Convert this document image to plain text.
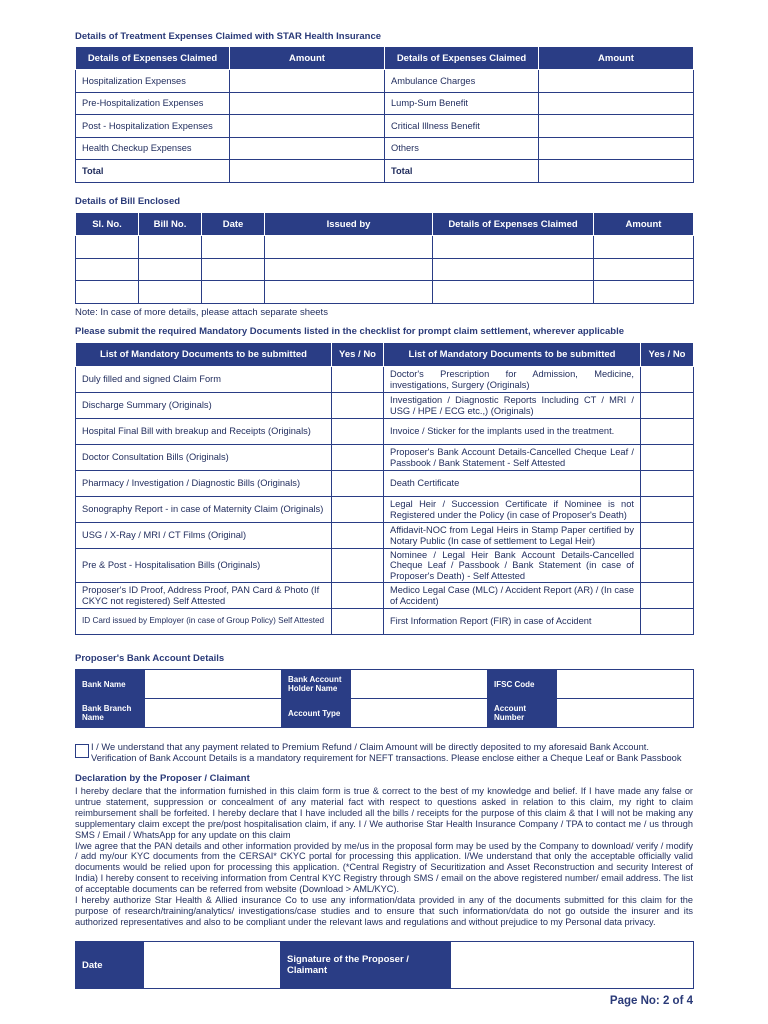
Details of Treatment Expenses Claimed with STAR Health Insurance
Details of Expenses Claimed	Amount	Details of Expenses Claimed	Amount
Hospitalization Expenses		Ambulance Charges	
Pre-Hospitalization Expenses		Lump-Sum Benefit	
Post - Hospitalization Expenses		Critical Illness Benefit	
Health Checkup Expenses		Others	
Total		Total	
Details of Bill Enclosed
Sl. No.	Bill No.	Date	Issued by	Details of Expenses Claimed	Amount

Note: In case of more details, please attach separate sheets
Please submit the required Mandatory Documents listed in the checklist for prompt claim settlement, wherever applicable
List of Mandatory Documents to be submitted	Yes / No	List of Mandatory Documents to be submitted	Yes / No
Duly filled and signed Claim Form		Doctor's Prescription for Admission, Medicine, investigations, Surgery (Originals)	
Discharge Summary (Originals)		Investigation / Diagnostic Reports Including CT / MRI / USG / HPE / ECG etc.,) (Originals)	
Hospital Final Bill with breakup and Receipts (Originals)		Invoice / Sticker for the implants used in the treatment.	
Doctor Consultation Bills (Originals)		Proposer's Bank Account Details-Cancelled Cheque Leaf / Passbook / Bank Statement - Self Attested	
Pharmacy / Investigation / Diagnostic Bills (Originals)		Death Certificate	
Sonography Report - in case of Maternity Claim (Originals)		Legal Heir / Succession Certificate if Nominee is not Registered under the Policy (in case of Proposer's Death)	
USG / X-Ray / MRI / CT Films (Original)		Affidavit-NOC from Legal Heirs in Stamp Paper certified by Notary Public (In case of settlement to Legal Heir)	
Pre & Post - Hospitalisation Bills (Originals)		Nominee / Legal Heir Bank Account Details-Cancelled Cheque Leaf / Passbook / Bank Statement (in case of Proposer's Death) - Self Attested	
Proposer's ID Proof, Address Proof, PAN Card & Photo (If CKYC not registered) Self Attested		Medico Legal Case (MLC) / Accident Report (AR) / (In case of Accident)	
ID Card issued by Employer (in case of Group Policy) Self Attested		First Information Report (FIR) in case of Accident	
Proposer's Bank Account Details
Bank Name		Bank Account Holder Name		IFSC Code	
Bank Branch Name		Account Type		Account Number	
I / We understand that any payment related to Premium Refund / Claim Amount will be directly deposited to my aforesaid Bank Account.
Verification of Bank Account Details is a mandatory requirement for NEFT transactions. Please enclose either a Cheque Leaf or Bank Passbook
Declaration by the Proposer / Claimant

I hereby declare that the information furnished in this claim form is true & correct to the best of my knowledge and belief. If I have made any false or untrue statement, suppression or concealment of any material fact with respect to questions asked in relation to this claim, my right to claim reimbursement shall be forfeited. I hereby declare that I have included all the bills / receipts for the purpose of this claim & that I will not be making any supplementary claim except the pre/post hospitalisation claim, if any. I / We authorise Star Health Insurance Company / TPA to contact me / us through SMS / Email / WhatsApp for any update on this claim

I/we agree that the PAN details and other information provided by me/us in the proposal form may be used by the Company to download/ verify / modify / add my/our KYC documents from the CERSAI* CKYC portal for processing this application. I/We understand that only the acceptable officially valid documents would be relied upon for processing this application. (*Central Registry of Securitization and Asset Reconstruction and security Interest of India) I hereby consent to receiving information from Central KYC Registry through SMS / email on the above registered number/ email address. The list of acceptable documents can be referred from website (Download > AML/KYC).

I hereby authorize Star Health & Allied insurance Co to use any information/data provided in any of the documents submitted for this claim for the purpose of research/training/analytics/ investigations/case studies and to ensure that such information/data do not go outside the insurer and its authorized representatives and also to be compliant under the relevant laws and regulations and without prejudice to my Personal data privacy.

Date		Signature of the Proposer / Claimant	
Page No: 2 of 4
